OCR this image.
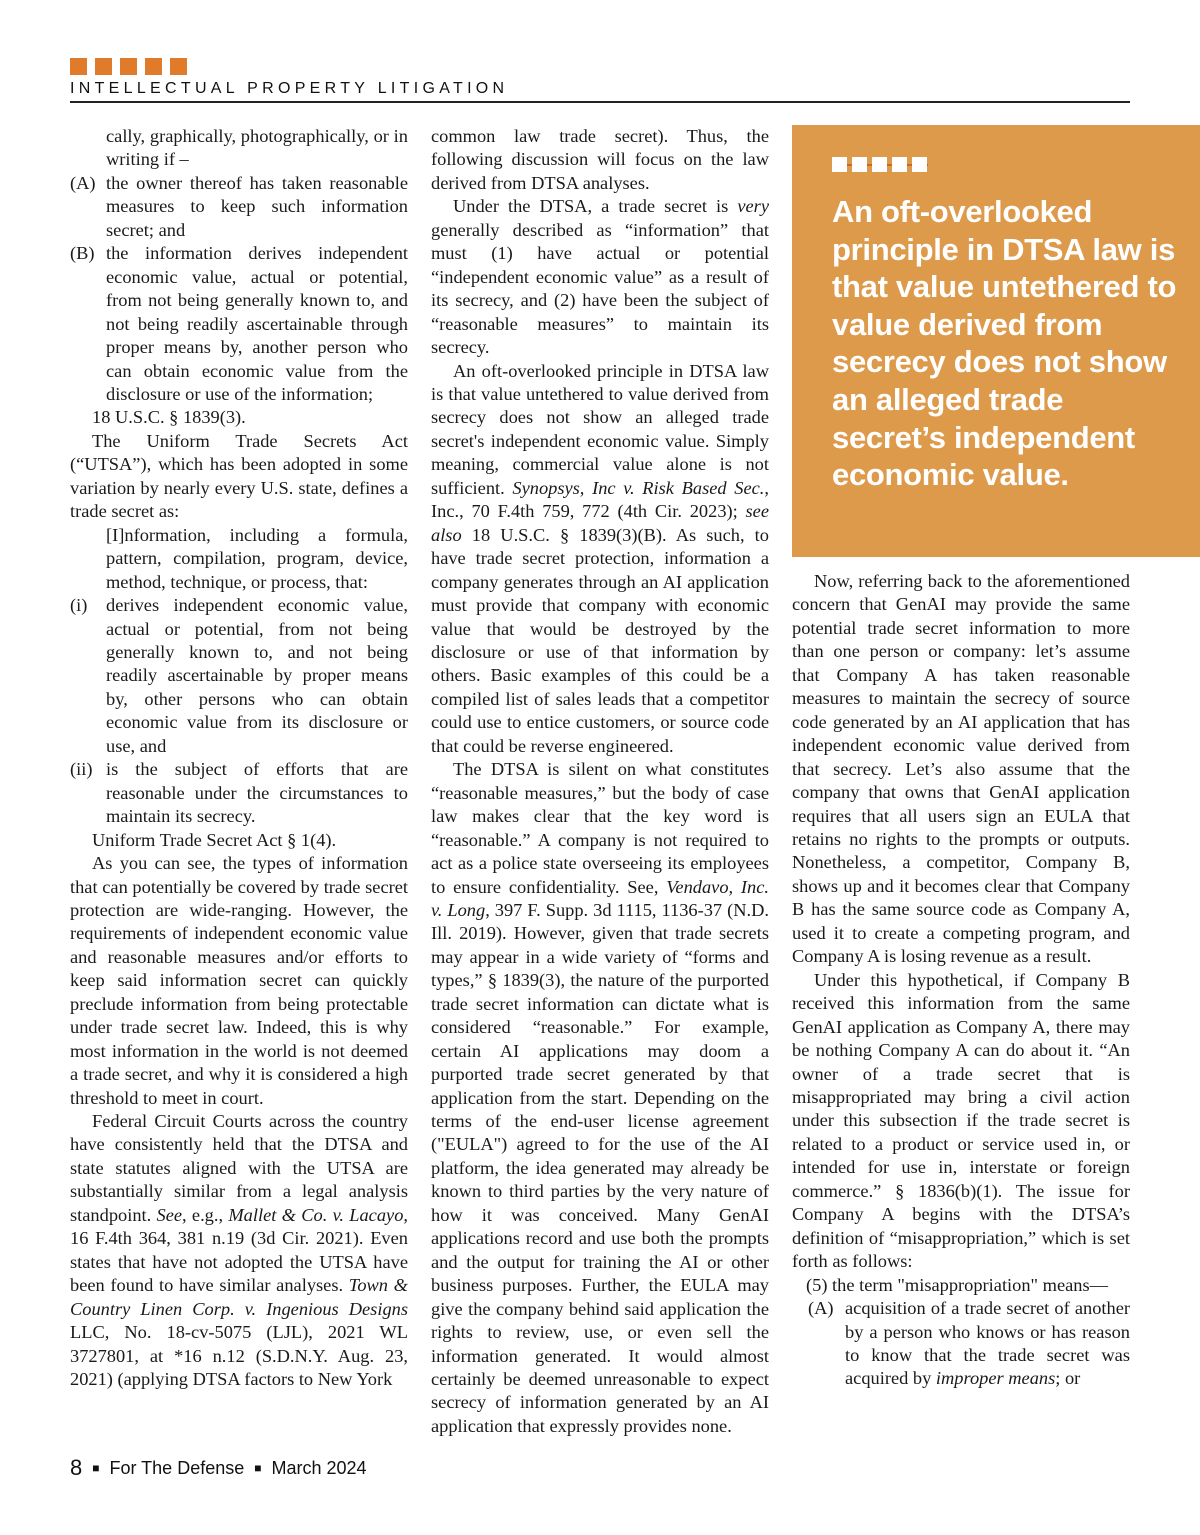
INTELLECTUAL PROPERTY LITIGATION

cally, graphically, photographically, or in writing if –

(A) the owner thereof has taken reasonable measures to keep such information secret; and
(B) the information derives independent economic value, actual or potential, from not being generally known to, and not being readily ascertainable through proper means by, another person who can obtain economic value from the disclosure or use of the information;

18 U.S.C. § 1839(3).

The Uniform Trade Secrets Act (“UTSA”), which has been adopted in some variation by nearly every U.S. state, defines a trade secret as:

[I]nformation, including a formula, pattern, compilation, program, device, method, technique, or process, that:

(i)	derives independent economic value, actual or potential, from not being generally known to, and not being readily ascertainable by proper means by, other persons who can obtain economic value from its disclosure or use, and
(ii) is the subject of efforts that are reasonable under the circumstances to maintain its secrecy.

Uniform Trade Secret Act § 1(4).

As you can see, the types of information that can potentially be covered by trade secret protection are wide-ranging. However, the requirements of independent economic value and reasonable measures and/or efforts to keep said information secret can quickly preclude information from being protectable under trade secret law. Indeed, this is why most information in the world is not deemed a trade secret, and why it is considered a high threshold to meet in court.

Federal Circuit Courts across the country have consistently held that the DTSA and state statutes aligned with the UTSA are substantially similar from a legal analysis standpoint. See, e.g., Mallet & Co. v. Lacayo, 16 F.4th 364, 381 n.19 (3d Cir. 2021). Even states that have not adopted the UTSA have been found to have similar analyses. Town & Country Linen Corp. v. Ingenious Designs LLC, No. 18-cv-5075 (LJL), 2021 WL 3727801, at *16 n.12 (S.D.N.Y. Aug. 23, 2021) (applying DTSA factors to New York

common law trade secret). Thus, the following discussion will focus on the law derived from DTSA analyses.

Under the DTSA, a trade secret is very generally described as “information” that must (1) have actual or potential “independent economic value” as a result of its secrecy, and (2) have been the subject of “reasonable measures” to maintain its secrecy.

An oft-overlooked principle in DTSA law is that value untethered to value derived from secrecy does not show an alleged trade secret's independent economic value. Simply meaning, commercial value alone is not sufficient. Synopsys, Inc v. Risk Based Sec., Inc., 70 F.4th 759, 772 (4th Cir. 2023); see also 18 U.S.C. § 1839(3)(B). As such, to have trade secret protection, information a company generates through an AI application must provide that company with economic value that would be destroyed by the disclosure or use of that information by others. Basic examples of this could be a compiled list of sales leads that a competitor could use to entice customers, or source code that could be reverse engineered.

The DTSA is silent on what constitutes “reasonable measures,” but the body of case law makes clear that the key word is “reasonable.” A company is not required to act as a police state overseeing its employees to ensure confidentiality. See, Vendavo, Inc. v. Long, 397 F. Supp. 3d 1115, 1136-37 (N.D. Ill. 2019). However, given that trade secrets may appear in a wide variety of “forms and types,” § 1839(3), the nature of the purported trade secret information can dictate what is considered “reasonable.” For example, certain AI applications may doom a purported trade secret generated by that application from the start. Depending on the terms of the end-user license agreement ("EULA") agreed to for the use of the AI platform, the idea generated may already be known to third parties by the very nature of how it was conceived. Many GenAI applications record and use both the prompts and the output for training the AI or other business purposes. Further, the EULA may give the company behind said application the rights to review, use, or even sell the information generated. It would almost certainly be deemed unreasonable to expect secrecy of information generated by an AI application that expressly provides none.

An oft-overlooked principle in DTSA law is that value untethered to value derived from secrecy does not show an alleged trade secret’s independent economic value.

Now, referring back to the aforementioned concern that GenAI may provide the same potential trade secret information to more than one person or company: let’s assume that Company A has taken reasonable measures to maintain the secrecy of source code generated by an AI application that has independent economic value derived from that secrecy. Let’s also assume that the company that owns that GenAI application requires that all users sign an EULA that retains no rights to the prompts or outputs. Nonetheless, a competitor, Company B, shows up and it becomes clear that Company B has the same source code as Company A, used it to create a competing program, and Company A is losing revenue as a result.

Under this hypothetical, if Company B received this information from the same GenAI application as Company A, there may be nothing Company A can do about it. “An owner of a trade secret that is misappropriated may bring a civil action under this subsection if the trade secret is related to a product or service used in, or intended for use in, interstate or foreign commerce.” § 1836(b)(1). The issue for Company A begins with the DTSA’s definition of “misappropriation,” which is set forth as follows:

(5) the term "misappropriation" means—

(A) acquisition of a trade secret of another by a person who knows or has reason to know that the trade secret was acquired by improper means; or
8 ■ For The Defense ■ March 2024
